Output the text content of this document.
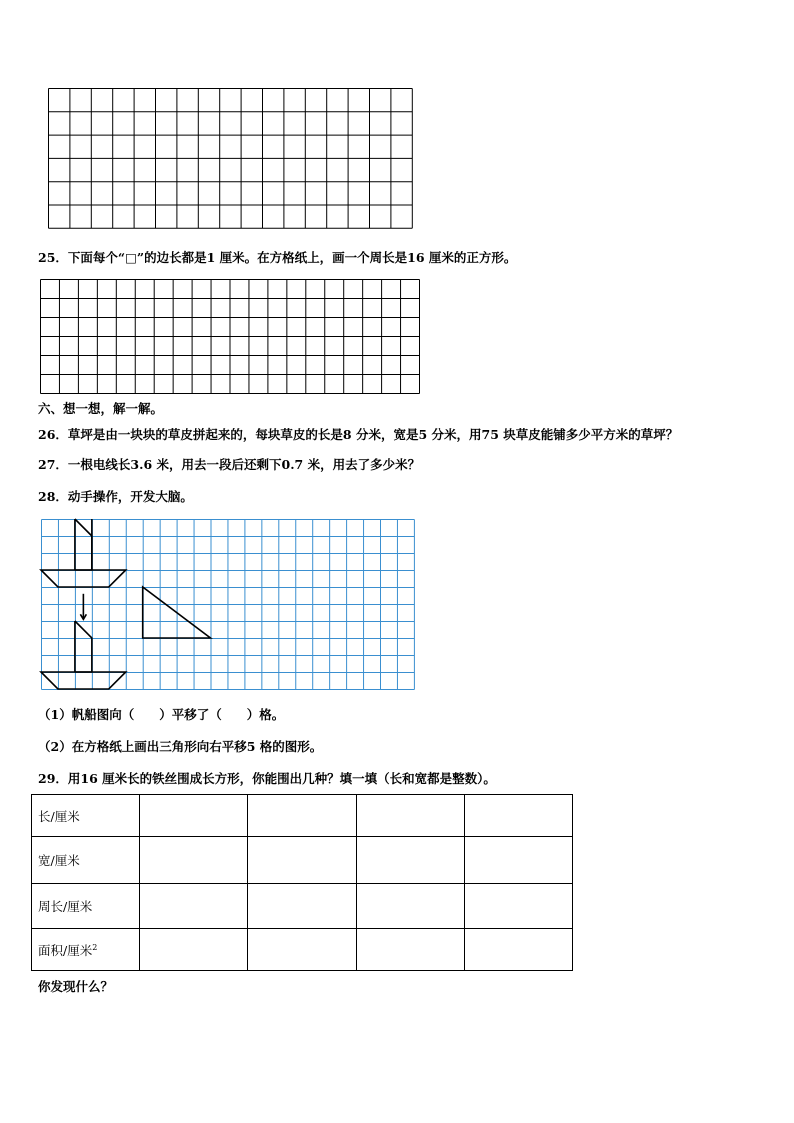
25．下面每个“□”的边长都是1 厘米。在方格纸上，画一个周长是16 厘米的正方形。
六、想一想，解一解。
26．草坪是由一块块的草皮拼起来的，每块草皮的长是8 分米，宽是5 分米，用75 块草皮能铺多少平方米的草坪？
27．一根电线长3.6 米，用去一段后还剩下0.7 米，用去了多少米？
28．动手操作，开发大脑。
（1）帆船图向（　　）平移了（　　）格。
（2）在方格纸上画出三角形向右平移5 格的图形。
29．用16 厘米长的铁丝围成长方形，你能围出几种？填一填（长和宽都是整数）。
长/厘米				
宽/厘米				
周长/厘米				
面积/厘米$^2$				
你发现什么？
